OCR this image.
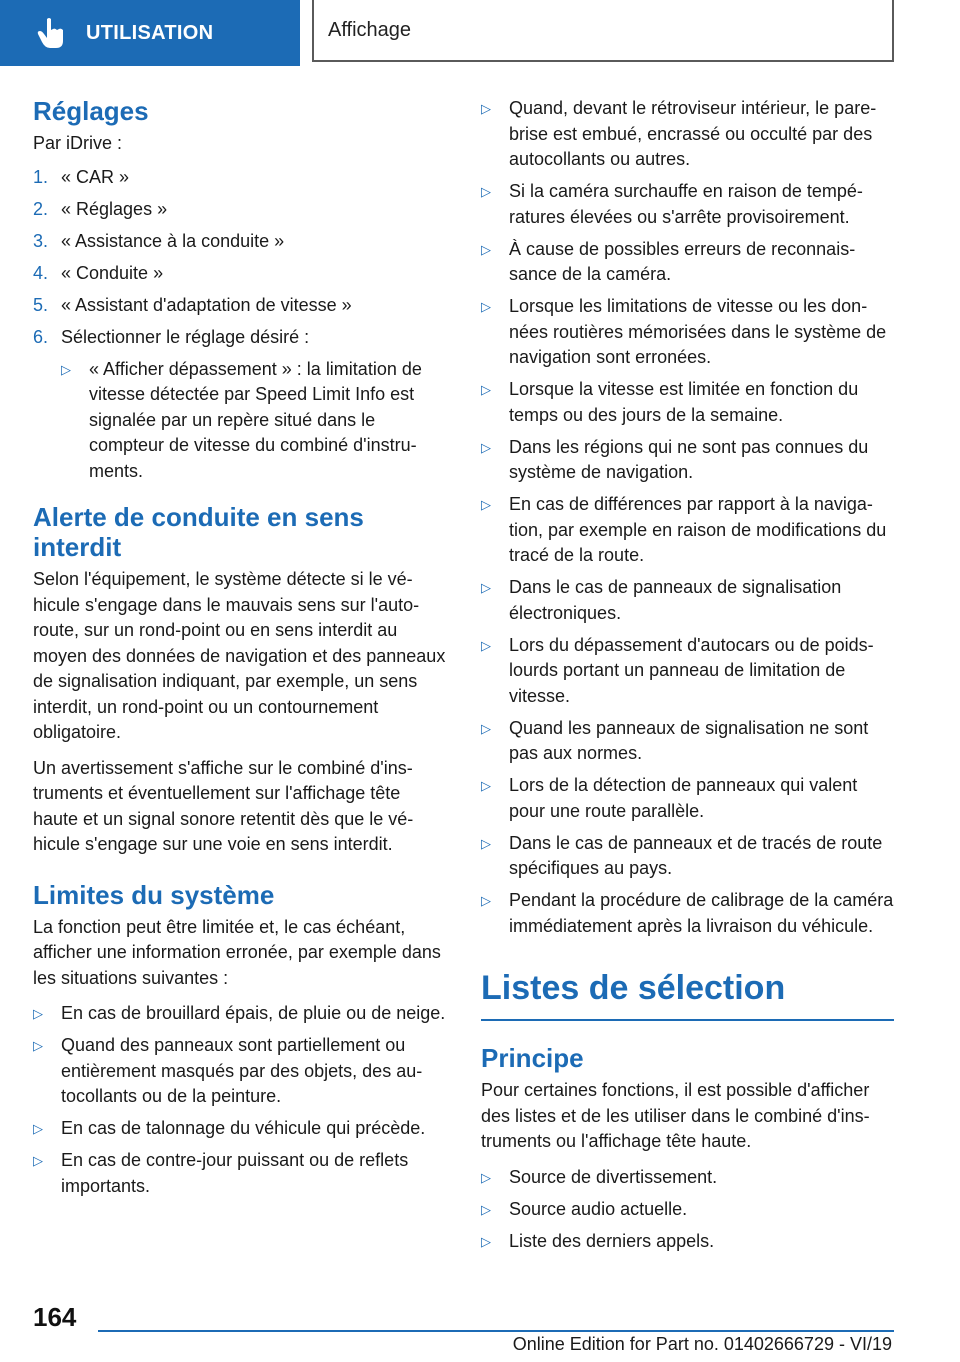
UTILISATION	Affichage
Réglages

Par iDrive :

1. « CAR »
2. « Réglages »
3. « Assistance à la conduite »
4. « Conduite »
5. « Assistant d'adaptation de vitesse »
6. Sélectionner le réglage désiré :
▷	« Afficher dépassement » : la limitation de vitesse détectée par Speed Limit Info est signalée par un repère situé dans le compteur de vitesse du combiné d'instruments.
Alerte de conduite en sens interdit

Selon l'équipement, le système détecte si le véhicule s'engage dans le mauvais sens sur l'autoroute, sur un rond-point ou en sens interdit au moyen des données de navigation et des panneaux de signalisation indiquant, par exemple, un sens interdit, un rond-point ou un contournement obligatoire.

Un avertissement s'affiche sur le combiné d'instruments et éventuellement sur l'affichage tête haute et un signal sonore retentit dès que le véhicule s'engage sur une voie en sens interdit.

Limites du système

La fonction peut être limitée et, le cas échéant, afficher une information erronée, par exemple dans les situations suivantes :

▷	En cas de brouillard épais, de pluie ou de neige.
▷	Quand des panneaux sont partiellement ou entièrement masqués par des objets, des autocollants ou de la peinture.
▷	En cas de talonnage du véhicule qui précède.
▷	En cas de contre-jour puissant ou de reflets importants.
▷	Quand, devant le rétroviseur intérieur, le pare-brise est embué, encrassé ou occulté par des autocollants ou autres.
▷	Si la caméra surchauffe en raison de températures élevées ou s'arrête provisoirement.
▷	À cause de possibles erreurs de reconnaissance de la caméra.
▷	Lorsque les limitations de vitesse ou les données routières mémorisées dans le système de navigation sont erronées.
▷	Lorsque la vitesse est limitée en fonction du temps ou des jours de la semaine.
▷	Dans les régions qui ne sont pas connues du système de navigation.
▷	En cas de différences par rapport à la navigation, par exemple en raison de modifications du tracé de la route.
▷	Dans le cas de panneaux de signalisation électroniques.
▷	Lors du dépassement d'autocars ou de poids-lourds portant un panneau de limitation de vitesse.
▷	Quand les panneaux de signalisation ne sont pas aux normes.
▷	Lors de la détection de panneaux qui valent pour une route parallèle.
▷	Dans le cas de panneaux et de tracés de route spécifiques au pays.
▷	Pendant la procédure de calibrage de la caméra immédiatement après la livraison du véhicule.
Listes de sélection
Principe

Pour certaines fonctions, il est possible d'afficher des listes et de les utiliser dans le combiné d'instruments ou l'affichage tête haute.

▷	Source de divertissement.
▷	Source audio actuelle.
▷	Liste des derniers appels.
164
Online Edition for Part no. 01402666729 - VI/19
